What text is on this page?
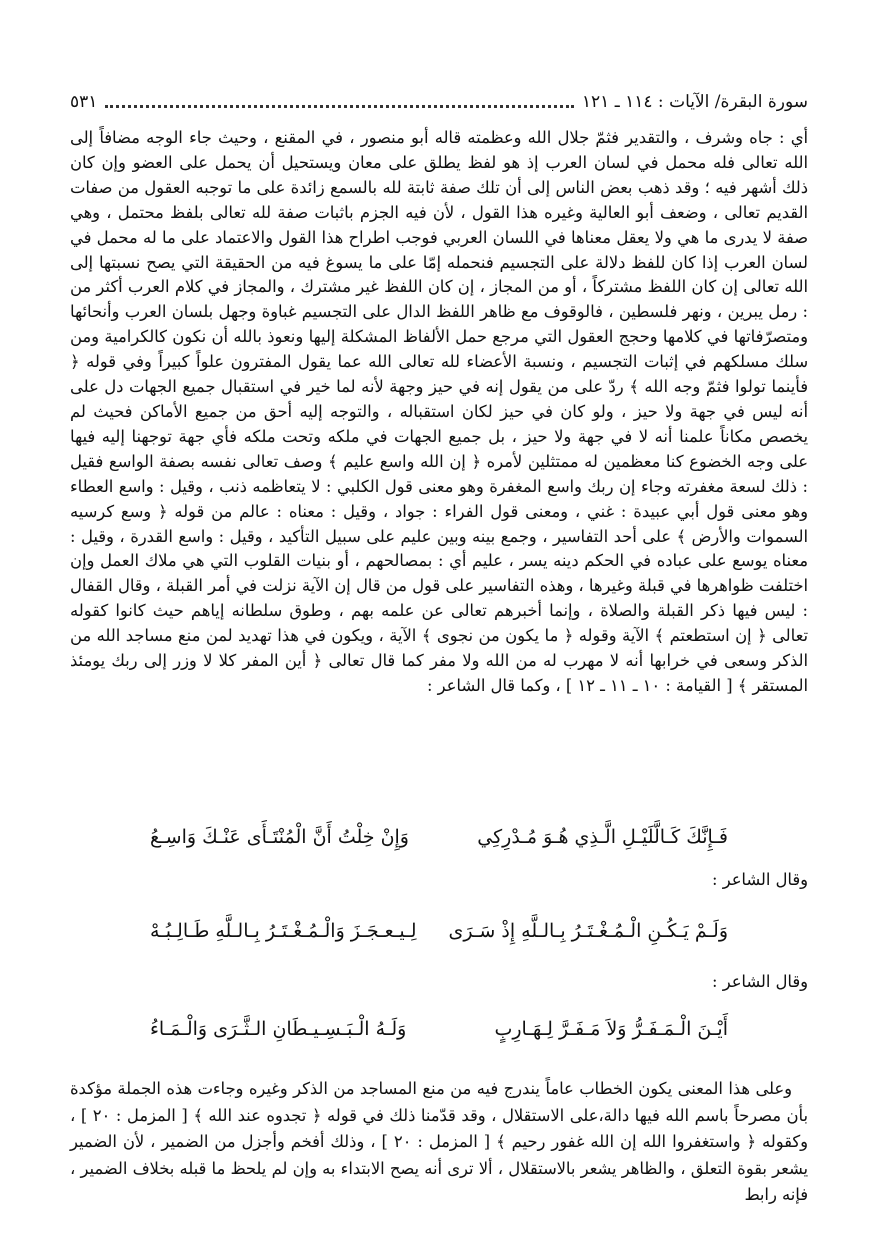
سورة البقرة/ الآيات : ١١٤ ـ ١٢١
٥٣١

أي : جاه وشرف ، والتقدير فثمّ جلال الله وعظمته قاله أبو منصور ، في المقنع ، وحيث جاء الوجه مضافاً إلى الله تعالى فله محمل في لسان العرب إذ هو لفظ يطلق على معان ويستحيل أن يحمل على العضو وإن كان ذلك أشهر فيه ؛ وقد ذهب بعض الناس إلى أن تلك صفة ثابتة لله بالسمع زائدة على ما توجبه العقول من صفات القديم تعالى ، وضعف أبو العالية وغيره هذا القول ، لأن فيه الجزم باثبات صفة لله تعالى بلفظ محتمل ، وهي صفة لا يدرى ما هي ولا يعقل معناها في اللسان العربي فوجب اطراح هذا القول والاعتماد على ما له محمل في لسان العرب إذا كان للفظ دلالة على التجسيم فنحمله إمّا على ما يسوغ فيه من الحقيقة التي يصح نسبتها إلى الله تعالى إن كان اللفظ مشتركاً ، أو من المجاز ، إن كان اللفظ غير مشترك ، والمجاز في كلام العرب أكثر من : رمل يبرين ، ونهر فلسطين ، فالوقوف مع ظاهر اللفظ الدال على التجسيم غباوة وجهل بلسان العرب وأنحائها ومتصرّفاتها في كلامها وحجج العقول التي مرجع حمل الألفاظ المشكلة إليها ونعوذ بالله أن نكون كالكرامية ومن سلك مسلكهم في إثبات التجسيم ، ونسبة الأعضاء لله تعالى الله عما يقول المفترون علواً كبيراً وفي قوله ﴿ فأينما تولوا فثمّ وجه الله ﴾ ردّ على من يقول إنه في حيز وجهة لأنه لما خير في استقبال جميع الجهات دل على أنه ليس في جهة ولا حيز ، ولو كان في حيز لكان استقباله ، والتوجه إليه أحق من جميع الأماكن فحيث لم يخصص مكاناً علمنا أنه لا في جهة ولا حيز ، بل جميع الجهات في ملكه وتحت ملكه فأي جهة توجهنا إليه فيها على وجه الخضوع كنا معظمين له ممتثلين لأمره ﴿ إن الله واسع عليم ﴾ وصف تعالى نفسه بصفة الواسع فقيل : ذلك لسعة مغفرته وجاء إن ربك واسع المغفرة وهو معنى قول الكلبي : لا يتعاظمه ذنب ، وقيل : واسع العطاء وهو معنى قول أبي عبيدة : غني ، ومعنى قول الفراء : جواد ، وقيل : معناه : عالم من قوله ﴿ وسع كرسيه السموات والأرض ﴾ على أحد التفاسير ، وجمع بينه وبين عليم على سبيل التأكيد ، وقيل : واسع القدرة ، وقيل : معناه يوسع على عباده في الحكم دينه يسر ، عليم أي : بمصالحهم ، أو بنيات القلوب التي هي ملاك العمل وإن اختلفت ظواهرها في قبلة وغيرها ، وهذه التفاسير على قول من قال إن الآية نزلت في أمر القبلة ، وقال القفال : ليس فيها ذكر القبلة والصلاة ، وإنما أخبرهم تعالى عن علمه بهم ، وطوق سلطانه إياهم حيث كانوا كقوله تعالى ﴿ إن استطعتم ﴾ الآية وقوله ﴿ ما يكون من نجوى ﴾ الآية ، ويكون في هذا تهديد لمن منع مساجد الله من الذكر وسعى في خرابها أنه لا مهرب له من الله ولا مفر كما قال تعالى ﴿ أين المفر كلا لا وزر إلى ربك يومئذ المستقر ﴾ [ القيامة : ١٠ ـ ١١ ـ ١٢ ] ، وكما قال الشاعر :

فَـإِنَّكَ كَـالَّلَيْـلِ الَّـذِي هُـوَ مُـدْرِكِي
وَإِنْ خِلْتُ أَنَّ الْمُنْتَـأَى عَنْـكَ وَاسِـعُ
وقال الشاعر :
وَلَـمْ يَـكُـنِ الْـمُـغْـتَـرُ بِـالـلَّهِ إِذْ سَـرَى
لِـيـعـجَـزَ وَالْـمُـغْـتَـرُ بِـالـلَّهِ طَـالِـبُـهْ
وقال الشاعر :
أَيْـنَ الْـمَـفَـرُّ وَلاَ مَـفَـرَّ لِـهَـارِبٍ
وَلَـهُ الْـبَـسِـيـطَانِ الـثَّـرَى وَالْـمَـاءُ

وعلى هذا المعنى يكون الخطاب عاماً يندرج فيه من منع المساجد من الذكر وغيره وجاءت هذه الجملة مؤكدة بأن مصرحاً باسم الله فيها دالة،على الاستقلال ، وقد قدّمنا ذلك في قوله ﴿ تجدوه عند الله ﴾ [ المزمل : ٢٠ ] ، وكقوله ﴿ واستغفروا الله إن الله غفور رحيم ﴾ [ المزمل : ٢٠ ] ، وذلك أفخم وأجزل من الضمير ، لأن الضمير يشعر بقوة التعلق ، والظاهر يشعر بالاستقلال ، ألا ترى أنه يصح الابتداء به وإن لم يلحظ ما قبله بخلاف الضمير ، فإنه رابط
